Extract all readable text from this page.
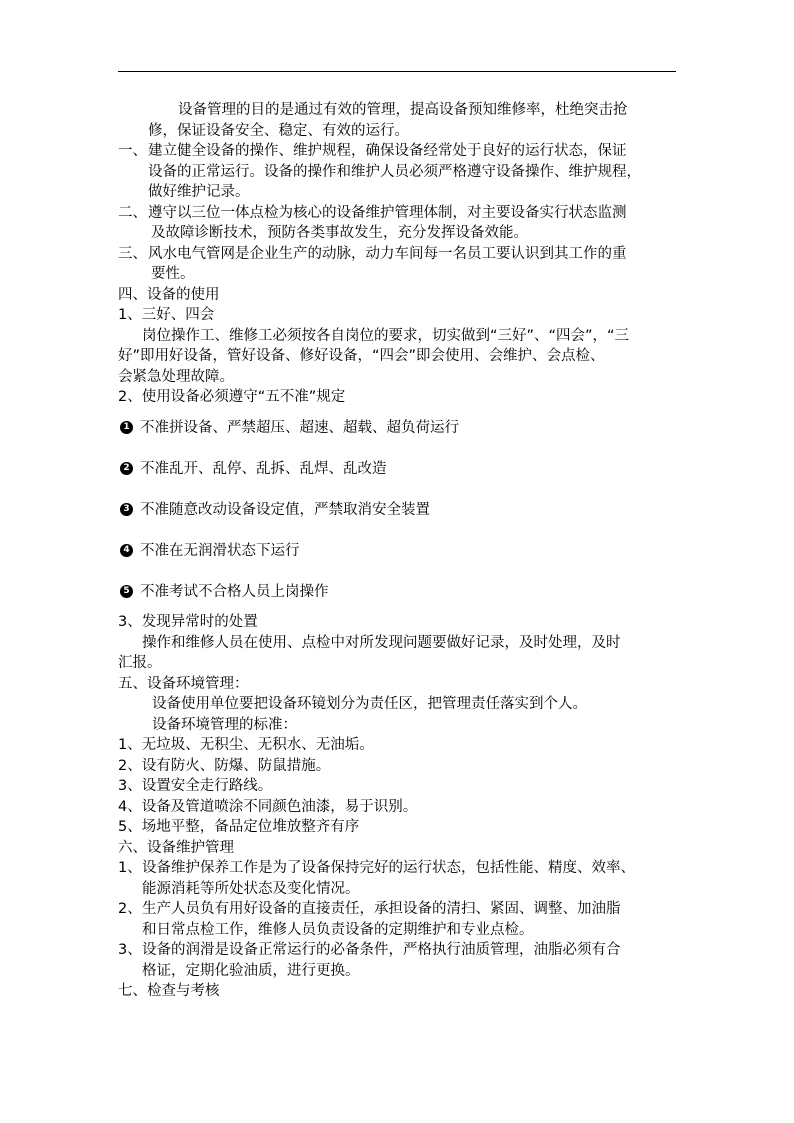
设备管理的目的是通过有效的管理，提高设备预知维修率，杜绝突击抢

修，保证设备安全、稳定、有效的运行。

一、 建立健全设备的操作、维护规程，确保设备经常处于良好的运行状态，保证

设备的正常运行。设备的操作和维护人员必须严格遵守设备操作、维护规程，

做好维护记录。

二、 遵守以三位一体点检为核心的设备维护管理体制，对主要设备实行状态监测

及故障诊断技术，预防各类事故发生，充分发挥设备效能。

三、 风水电气管网是企业生产的动脉，动力车间每一名员工要认识到其工作的重

要性。

四、设备的使用

1、三好、四会

岗位操作工、维修工必须按各自岗位的要求，切实做到“三好”、“四会”，“三

好”即用好设备，管好设备、修好设备，“四会”即会使用、会维护、会点检、

会紧急处理故障。

2、使用设备必须遵守“五不准”规定

1 不准拼设备、严禁超压、超速、超载、超负荷运行

2 不准乱开、乱停、乱拆、乱焊、乱改造

3 不准随意改动设备设定值，严禁取消安全装置

4 不准在无润滑状态下运行

5 不准考试不合格人员上岗操作

3、发现异常时的处置

操作和维修人员在使用、点检中对所发现问题要做好记录，及时处理，及时

汇报。

五、设备环境管理：

设备使用单位要把设备环镜划分为责任区，把管理责任落实到个人。

设备环境管理的标准：

1、无垃圾、无积尘、无积水、无油垢。

2、设有防火、防爆、防鼠措施。

3、设置安全走行路线。

4、设备及管道喷涂不同颜色油漆，易于识别。

5、场地平整，备品定位堆放整齐有序

六、设备维护管理

1、 设备维护保养工作是为了设备保持完好的运行状态，包括性能、精度、效率、

能源消耗等所处状态及变化情况。

2、 生产人员负有用好设备的直接责任，承担设备的清扫、紧固、调整、加油脂

和日常点检工作，维修人员负责设备的定期维护和专业点检。

3、 设备的润滑是设备正常运行的必备条件，严格执行油质管理，油脂必须有合

格证，定期化验油质，进行更换。

七、检查与考核
